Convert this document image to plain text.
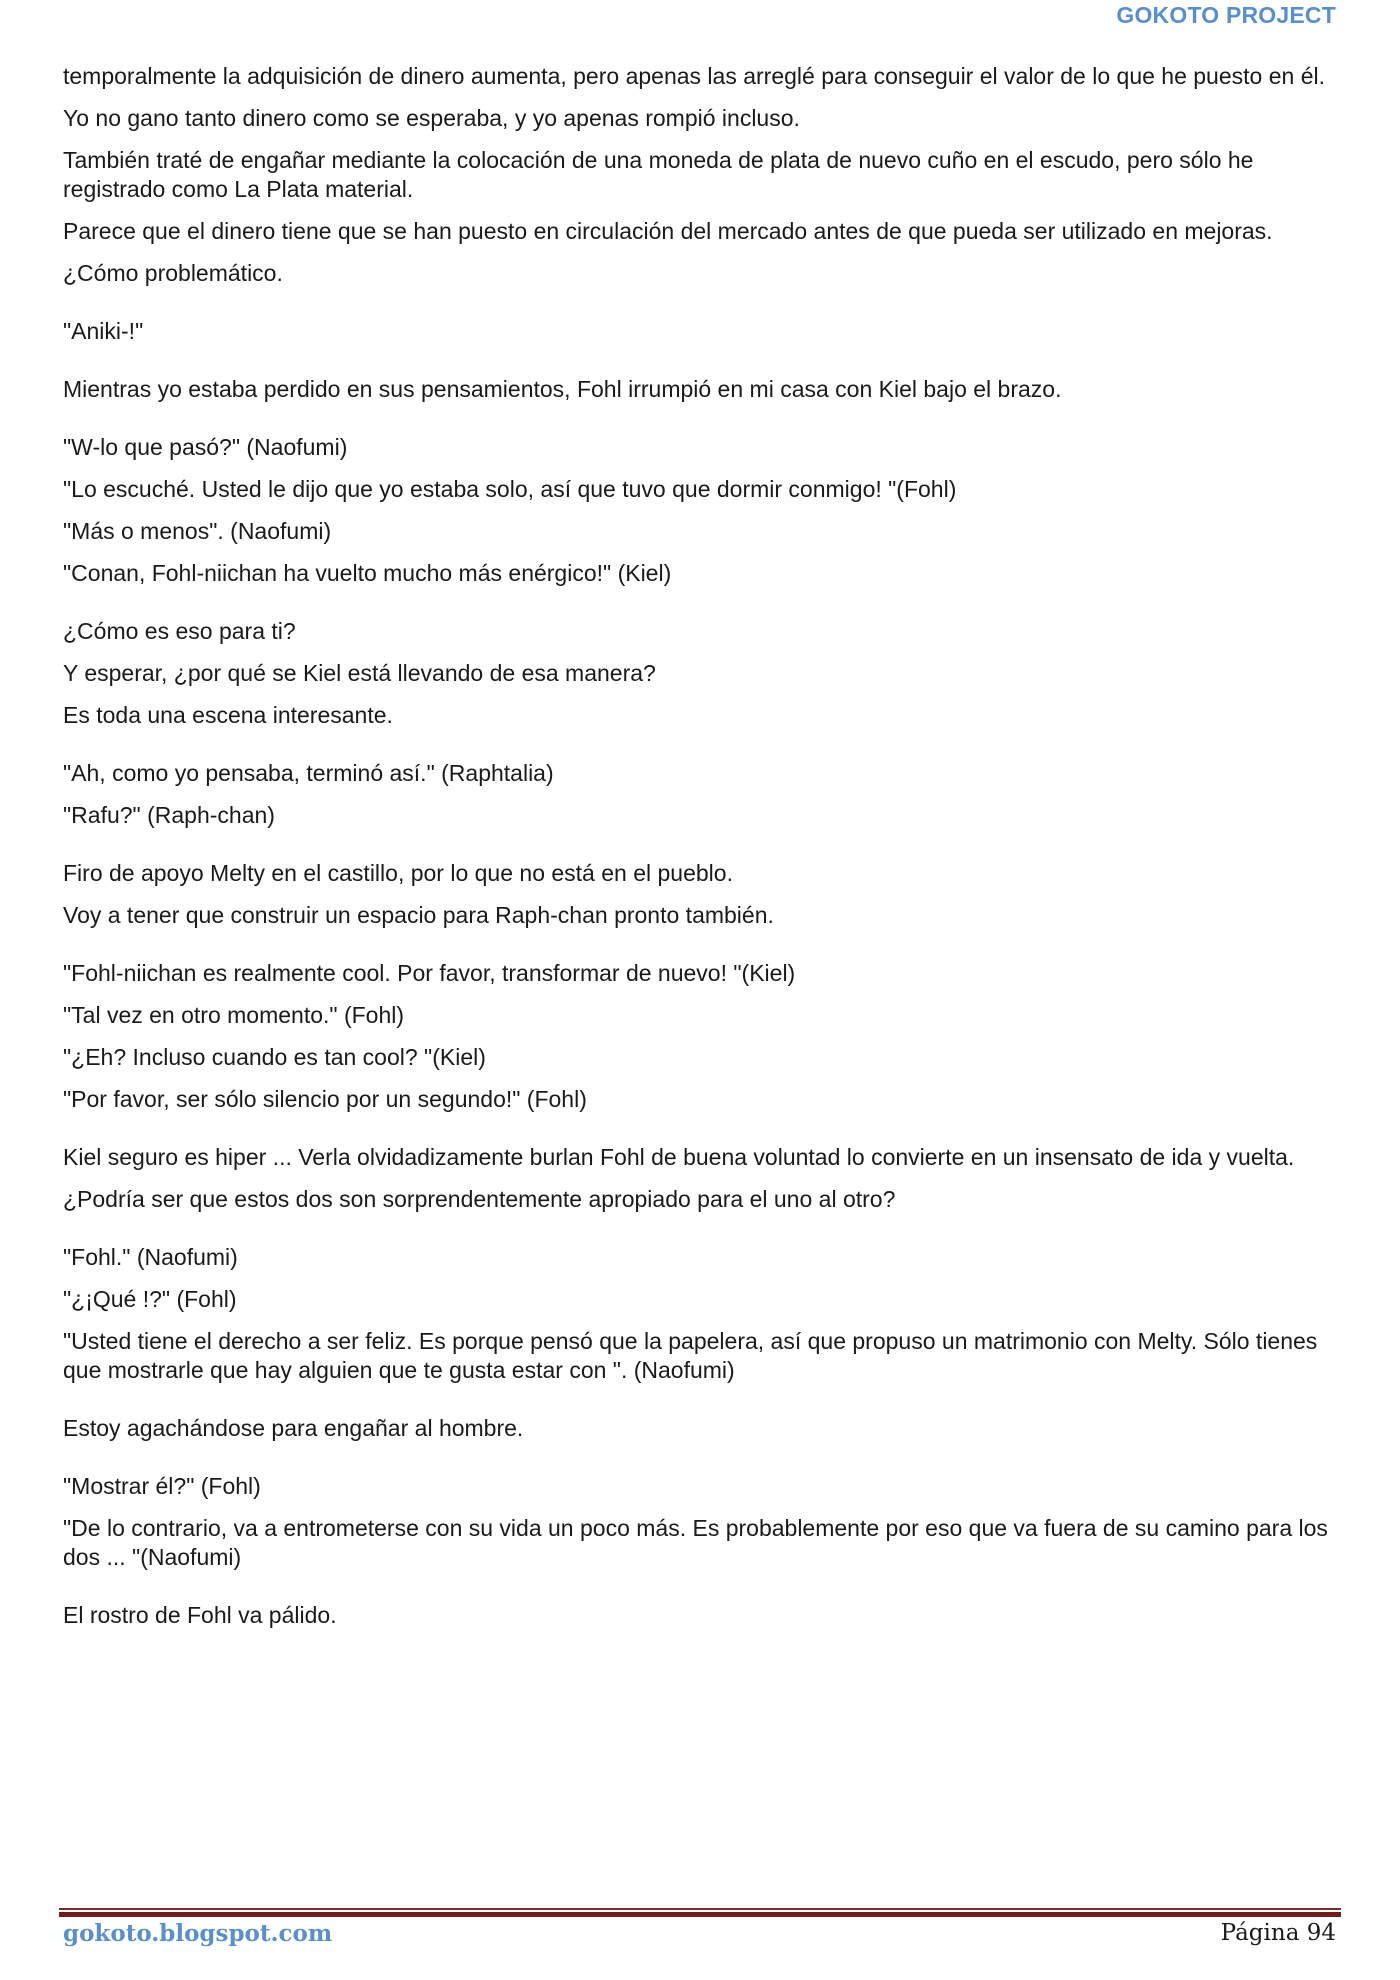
GOKOTO PROJECT

temporalmente la adquisición de dinero aumenta, pero apenas las arreglé para conseguir el valor de lo que he puesto en él.

Yo no gano tanto dinero como se esperaba, y yo apenas rompió incluso.

También traté de engañar mediante la colocación de una moneda de plata de nuevo cuño en el escudo, pero sólo he registrado como La Plata material.

Parece que el dinero tiene que se han puesto en circulación del mercado antes de que pueda ser utilizado en mejoras.

¿Cómo problemático.

"Aniki-!"

Mientras yo estaba perdido en sus pensamientos, Fohl irrumpió en mi casa con Kiel bajo el brazo.

"W-lo que pasó?" (Naofumi)

"Lo escuché. Usted le dijo que yo estaba solo, así que tuvo que dormir conmigo! "(Fohl)

"Más o menos". (Naofumi)

"Conan, Fohl-niichan ha vuelto mucho más enérgico!" (Kiel)

¿Cómo es eso para ti?

Y esperar, ¿por qué se Kiel está llevando de esa manera?

Es toda una escena interesante.

"Ah, como yo pensaba, terminó así." (Raphtalia)

"Rafu?" (Raph-chan)

Firo de apoyo Melty en el castillo, por lo que no está en el pueblo.

Voy a tener que construir un espacio para Raph-chan pronto también.

"Fohl-niichan es realmente cool. Por favor, transformar de nuevo! "(Kiel)

"Tal vez en otro momento." (Fohl)

"¿Eh? Incluso cuando es tan cool? "(Kiel)

"Por favor, ser sólo silencio por un segundo!" (Fohl)

Kiel seguro es hiper ... Verla olvidadizamente burlan Fohl de buena voluntad lo convierte en un insensato de ida y vuelta.

¿Podría ser que estos dos son sorprendentemente apropiado para el uno al otro?

"Fohl." (Naofumi)

"¿¡Qué !?" (Fohl)

"Usted tiene el derecho a ser feliz. Es porque pensó que la papelera, así que propuso un matrimonio con Melty. Sólo tienes que mostrarle que hay alguien que te gusta estar con ". (Naofumi)

Estoy agachándose para engañar al hombre.

"Mostrar él?" (Fohl)

"De lo contrario, va a entrometerse con su vida un poco más. Es probablemente por eso que va fuera de su camino para los dos ... "(Naofumi)

El rostro de Fohl va pálido.

gokoto.blogspot.com	Página 94
